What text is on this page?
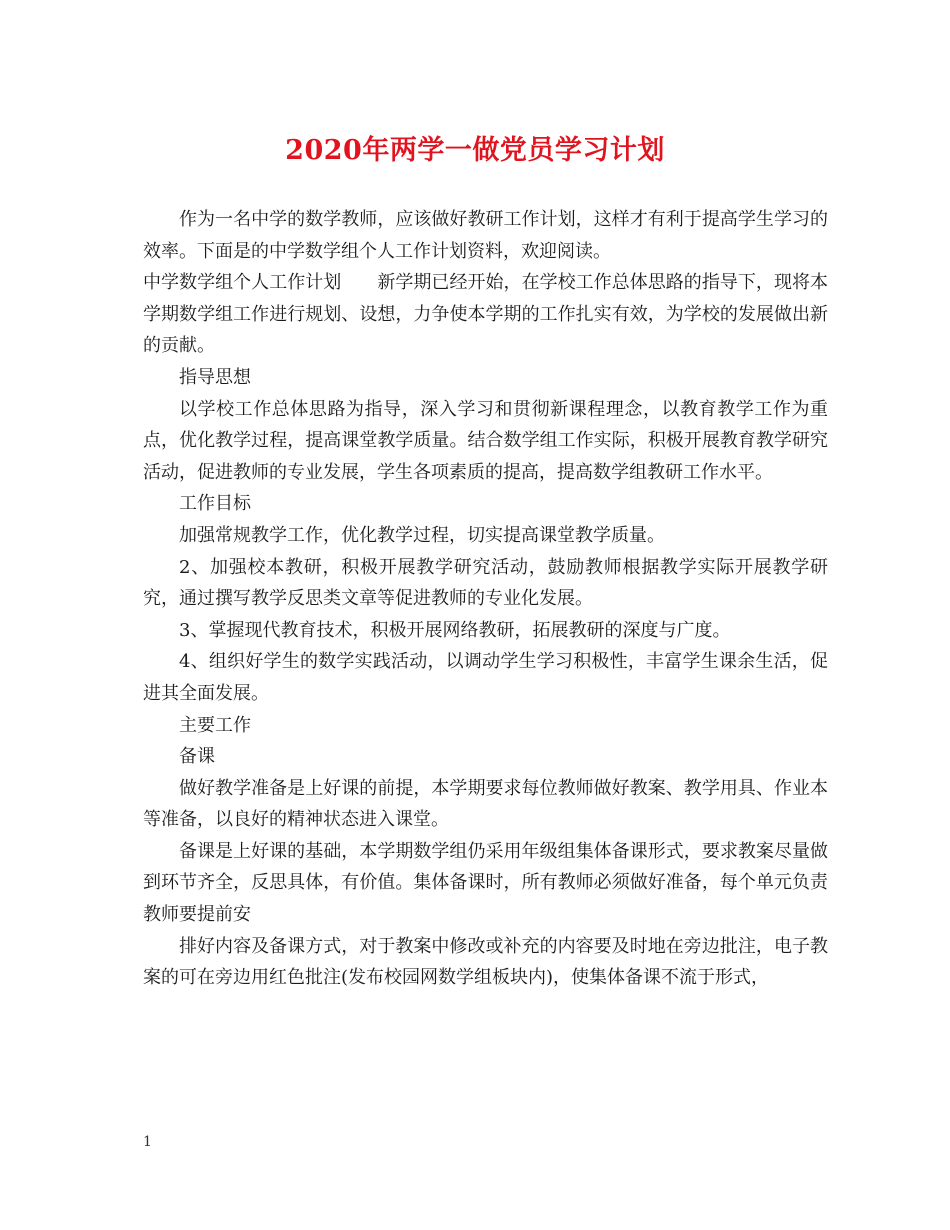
2020年两学一做党员学习计划

作为一名中学的数学教师，应该做好教研工作计划，这样才有利于提高学生学习的效率。下面是的中学数学组个人工作计划资料，欢迎阅读。

中学数学组个人工作计划　　新学期已经开始，在学校工作总体思路的指导下，现将本学期数学组工作进行规划、设想，力争使本学期的工作扎实有效，为学校的发展做出新的贡献。

指导思想

以学校工作总体思路为指导，深入学习和贯彻新课程理念，以教育教学工作为重点，优化教学过程，提高课堂教学质量。结合数学组工作实际，积极开展教育教学研究活动，促进教师的专业发展，学生各项素质的提高，提高数学组教研工作水平。

工作目标

加强常规教学工作，优化教学过程，切实提高课堂教学质量。

2、加强校本教研，积极开展教学研究活动，鼓励教师根据教学实际开展教学研究，通过撰写教学反思类文章等促进教师的专业化发展。

3、掌握现代教育技术，积极开展网络教研，拓展教研的深度与广度。

4、组织好学生的数学实践活动，以调动学生学习积极性，丰富学生课余生活，促进其全面发展。

主要工作

备课

做好教学准备是上好课的前提，本学期要求每位教师做好教案、教学用具、作业本等准备，以良好的精神状态进入课堂。

备课是上好课的基础，本学期数学组仍采用年级组集体备课形式，要求教案尽量做到环节齐全，反思具体，有价值。集体备课时，所有教师必须做好准备，每个单元负责教师要提前安

排好内容及备课方式，对于教案中修改或补充的内容要及时地在旁边批注，电子教案的可在旁边用红色批注(发布校园网数学组板块内)，使集体备课不流于形式，

1
